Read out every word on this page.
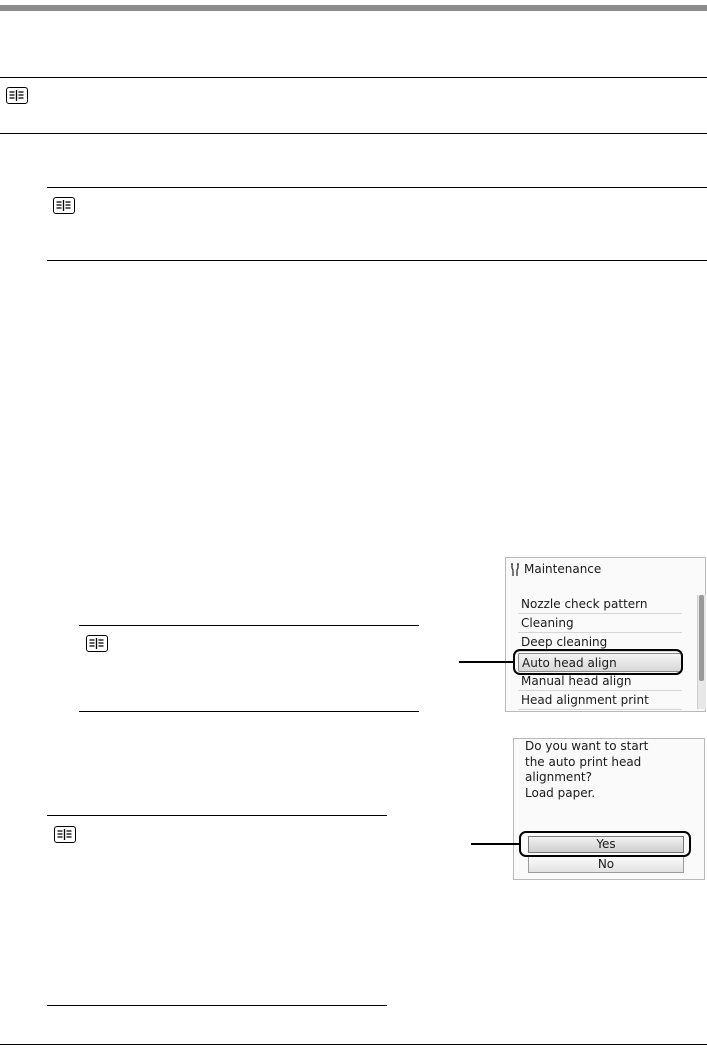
Maintenance
Nozzle check pattern
Cleaning
Deep cleaning
Auto head align
Manual head align
Head alignment print
Do you want to start
the auto print head
alignment?
Load paper.
Yes
No
